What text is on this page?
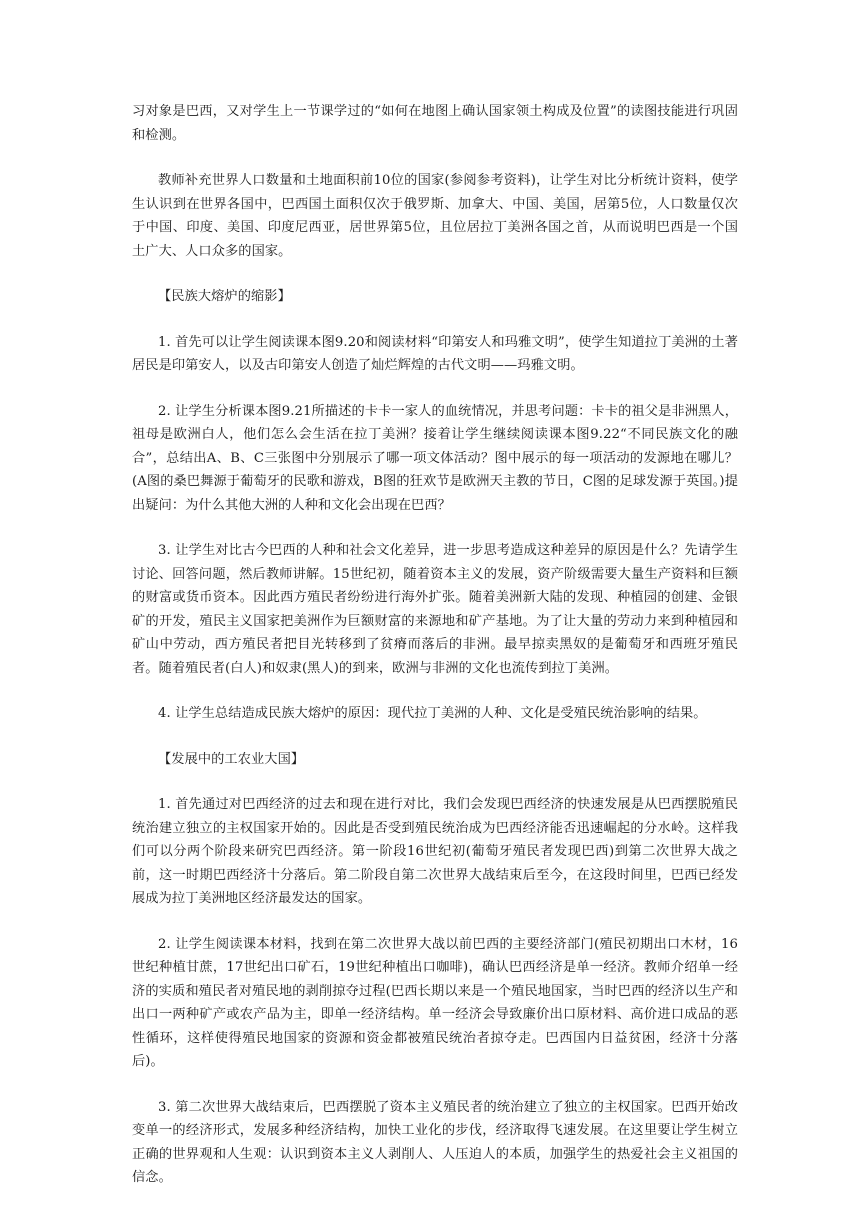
习对象是巴西，又对学生上一节课学过的“如何在地图上确认国家领土构成及位置”的读图技能进行巩固和检测。

教师补充世界人口数量和土地面积前10位的国家(参阅参考资料)，让学生对比分析统计资料，使学生认识到在世界各国中，巴西国土面积仅次于俄罗斯、加拿大、中国、美国，居第5位，人口数量仅次于中国、印度、美国、印度尼西亚，居世界第5位，且位居拉丁美洲各国之首，从而说明巴西是一个国土广大、人口众多的国家。

【民族大熔炉的缩影】

1. 首先可以让学生阅读课本图9.20和阅读材料“印第安人和玛雅文明”，使学生知道拉丁美洲的土著居民是印第安人，以及古印第安人创造了灿烂辉煌的古代文明——玛雅文明。

2. 让学生分析课本图9.21所描述的卡卡一家人的血统情况，并思考问题：卡卡的祖父是非洲黑人，祖母是欧洲白人，他们怎么会生活在拉丁美洲？接着让学生继续阅读课本图9.22“不同民族文化的融合”，总结出A、B、C三张图中分别展示了哪一项文体活动？图中展示的每一项活动的发源地在哪儿？(A图的桑巴舞源于葡萄牙的民歌和游戏，B图的狂欢节是欧洲天主教的节日，C图的足球发源于英国。)提出疑问：为什么其他大洲的人种和文化会出现在巴西？

3. 让学生对比古今巴西的人种和社会文化差异，进一步思考造成这种差异的原因是什么？先请学生讨论、回答问题，然后教师讲解。15世纪初，随着资本主义的发展，资产阶级需要大量生产资料和巨额的财富或货币资本。因此西方殖民者纷纷进行海外扩张。随着美洲新大陆的发现、种植园的创建、金银矿的开发，殖民主义国家把美洲作为巨额财富的来源地和矿产基地。为了让大量的劳动力来到种植园和矿山中劳动，西方殖民者把目光转移到了贫瘠而落后的非洲。最早掠卖黑奴的是葡萄牙和西班牙殖民者。随着殖民者(白人)和奴隶(黑人)的到来，欧洲与非洲的文化也流传到拉丁美洲。

4. 让学生总结造成民族大熔炉的原因：现代拉丁美洲的人种、文化是受殖民统治影响的结果。

【发展中的工农业大国】

1. 首先通过对巴西经济的过去和现在进行对比，我们会发现巴西经济的快速发展是从巴西摆脱殖民统治建立独立的主权国家开始的。因此是否受到殖民统治成为巴西经济能否迅速崛起的分水岭。这样我们可以分两个阶段来研究巴西经济。第一阶段16世纪初(葡萄牙殖民者发现巴西)到第二次世界大战之前，这一时期巴西经济十分落后。第二阶段自第二次世界大战结束后至今，在这段时间里，巴西已经发展成为拉丁美洲地区经济最发达的国家。

2. 让学生阅读课本材料，找到在第二次世界大战以前巴西的主要经济部门(殖民初期出口木材，16世纪种植甘蔗，17世纪出口矿石，19世纪种植出口咖啡)，确认巴西经济是单一经济。教师介绍单一经济的实质和殖民者对殖民地的剥削掠夺过程(巴西长期以来是一个殖民地国家，当时巴西的经济以生产和出口一两种矿产或农产品为主，即单一经济结构。单一经济会导致廉价出口原材料、高价进口成品的恶性循环，这样使得殖民地国家的资源和资金都被殖民统治者掠夺走。巴西国内日益贫困，经济十分落后)。

3. 第二次世界大战结束后，巴西摆脱了资本主义殖民者的统治建立了独立的主权国家。巴西开始改变单一的经济形式，发展多种经济结构，加快工业化的步伐，经济取得飞速发展。在这里要让学生树立正确的世界观和人生观：认识到资本主义人剥削人、人压迫人的本质，加强学生的热爱社会主义祖国的信念。
